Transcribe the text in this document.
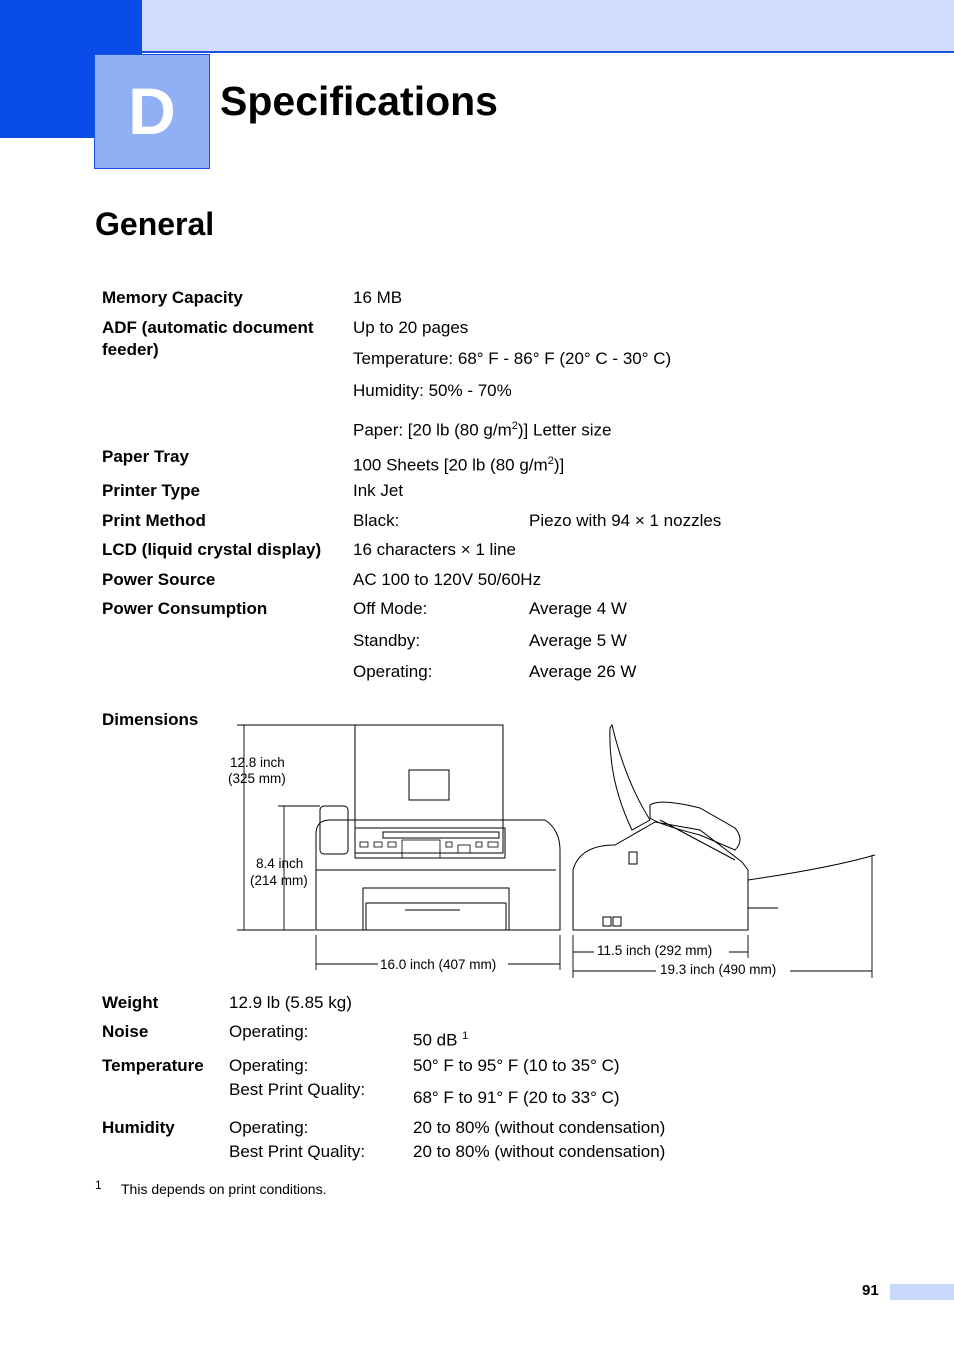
D	Specifications
General
Memory Capacity	16 MB
ADF (automatic document
feeder)
Up to 20 pages
Temperature: 68° F - 86° F (20° C - 30° C)
Humidity: 50% - 70%
Paper: [20 lb (80 $g/m^2$)] Letter size
Paper Tray	100 Sheets [20 lb (80 $g/m^2$)]
Printer Type	Ink Jet
Print Method	Black:	Piezo with 94 × 1 nozzles
LCD (liquid crystal display) 16 characters × 1 line
Power Source	AC 100 to 120V 50/60Hz
Power Consumption	Off Mode:	Average 4 W
Standby:	Average 5 W
Operating:	Average 26 W
Dimensions
12.8 inch
(325 mm)
8.4 inch
(214 mm)
16.0 inch (407 mm)
11.5 inch (292 mm)
19.3 inch (490 mm)
Weight	12.9 lb (5.85 kg)
Noise	Operating:	50 dB $^1$
Temperature Operating:	50° F to 95° F (10 to 35° C)
Best Print Quality:	68° F to 91° F (20 to 33° C)
Humidity	Operating:	20 to 80% (without condensation)
Best Print Quality:	20 to 80% (without condensation)
1 This depends on print conditions.
91
